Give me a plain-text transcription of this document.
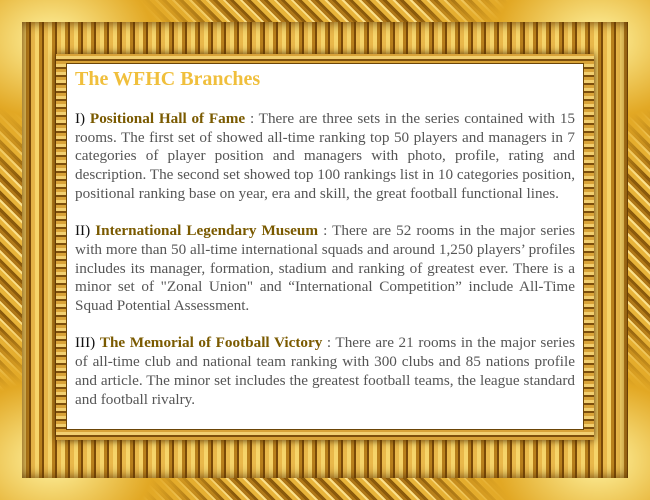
The WFHC Branches

I) Positional Hall of Fame : There are three sets in the series contained with 15 rooms. The first set of showed all-time ranking top 50 players and managers in 7 categories of player position and managers with photo, profile, rating and description. The second set showed top 100 rankings list in 10 categories position, positional ranking base on year, era and skill, the great football functional lines.

II) International Legendary Museum : There are 52 rooms in the major series with more than 50 all-time international squads and around 1,250 players’ profiles includes its manager, formation, stadium and ranking of greatest ever. There is a minor set of "Zonal Union" and “International Competition” include All-Time Squad Potential Assessment.

III) The Memorial of Football Victory : There are 21 rooms in the major series of all-time club and national team ranking with 300 clubs and 85 nations profile and article. The minor set includes the greatest football teams, the league standard and football rivalry.
